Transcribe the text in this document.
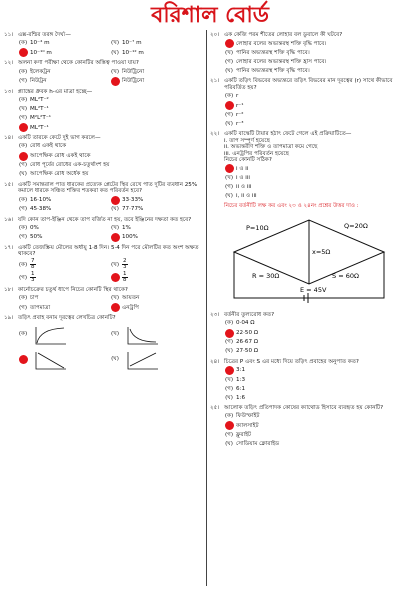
বরিশাল বোর্ড
১১। এক্স-রশ্মির তরঙ্গ দৈর্ঘ্য—
(ক) 10⁻⁴ m	(খ) 10⁻⁷ m
10⁻¹⁰ m	(ঘ) 10⁻¹² m
১২। অলনা কণা পরীক্ষা থেকে কোনটির অস্তিত্ব পাওয়া যায়?
(ক) ইলেকট্রন	(খ) নিউট্রিনো
(গ) নিউট্রন	নিউট্রিনো
১৩। প্ল্যাঙ্কের ধ্রুবক h-এর মাত্রা হচ্ছে—
(ক) ML²T⁻²
(খ) ML²T⁻¹
(গ) M²L²T⁻¹
ML²T⁻¹
১৪। একটি তারকে কেটে দুই ভাগ করলে—
(ক) রোধ একই থাকে
আপেক্ষিক রোধ একই থাকে
(গ) রোধ পূর্বের রোধের এক-চতুর্থাংশ হয়
(ঘ) আপেক্ষিক রোধ অর্ধেক হয়
১৫। একটি সমান্তরাল পাত ধারকের প্রত্যেক প্লেটের স্থির রেখে পাত দুটির ব্যবধান 25% কমালে ধারকে সঞ্চিত শক্তির শতকরা কত পরিবর্তন হবে?
(ক) 16·10%	33·33%
(গ) 45·38%	(ঘ) 77·77%
১৬। যদি কোন তাপ-ইঞ্জিন থেকে তাপ বর্জিত না হয়, তবে ইঞ্জিনের দক্ষতা কত হবে?
(ক) 0%	(খ) 1%
(গ) 50%	100%
১৭। একটি তেজস্ক্রিয় মৌলের অর্ধায়ু 1·8 দিন। 5·4 দিন পরে মৌলটির কত অংশ অক্ষত থাকবে?
(ক) $\frac{7}{8}$	(খ) $\frac{2}{3}$
(গ) $\frac{1}{3}$	$\frac{1}{8}$
১৮। কার্নোচক্রের চতুর্থ ধাপে নিচের কোনটি স্থির থাকে?
(ক) চাপ	(খ) আয়তন
(গ) তাপমাত্রা	এনট্রপি
১৯। তড়িৎ প্রবাহ বনাম দূরত্বের লেখচিত্র কোনটি?
(ক)	(খ)
(ঘ)
২০। এক কেজি পরম শীতের লোহার বল ডুবালে কী ঘটবে?
লোহার বলের অভ্যন্তরস্থ শক্তি বৃদ্ধি পাবে।
(খ) পানির অভ্যন্তরস্থ শক্তি বৃদ্ধি পাবে।
(গ) লোহার বলের অভ্যন্তরস্থ শক্তি হ্রাস পাবে।
(ঘ) পানির অভ্যন্তরস্থ শক্তি বৃদ্ধি পাবে।
২১। একটি তড়িৎ বিভবের অভ্যন্তরে তড়িৎ বিভবের মান দূরত্বের (r) সাথে কীভাবে পরিবর্তিত হয়?
(ক) r
r⁻¹
(গ) r⁻²
(ঘ) r⁻³
২২। একটি বাস্কেটি টায়ার হঠাৎ ফেটে গেলে এই প্রক্রিয়াটিতে—
i. তাপ সম্পূর্ণ হয়েছে
ii. অভ্যন্তরীণ শক্তি ও তাপমাত্রা কমে গেছে
iii. এনট্রপির পরিবর্তন হয়েছে
নিচের কোনটি সঠিক?
i ও ii
(খ) i ও iii
(গ) ii ও iii
(ঘ) i, ii ও iii
নিচের বর্তনীটি লক্ষ কর এবং ২৩ ও ২৪নং প্রশ্নের উত্তর দাও :
P=10Ω	Q=20Ω
x=5Ω
R = 30Ω	S = 60Ω
E = 45V
২৩। বর্তনীর তুল্যরোধ কত?
(ক) 0·04 Ω
22·50 Ω
(গ) 26·67 Ω
(ঘ) 27·50 Ω
২৪। চিত্রের P এবং S এর মধ্যে দিয়ে তড়িৎ প্রবাহের অনুপাত কত?
3:1
(খ) 1:3
(গ) 6:1
(ঘ) 1:6
২৫। আলোক তড়িৎ প্রতিপাদক কোষের ক্যাথোড হিসাবে ব্যবহৃত হয় কোনটি?
(ক) ফিউস্ফাইট
ক্যালসাইট
(গ) ফ্লুরাইট
(ঘ) সোডিয়াম ক্লোরাইড
